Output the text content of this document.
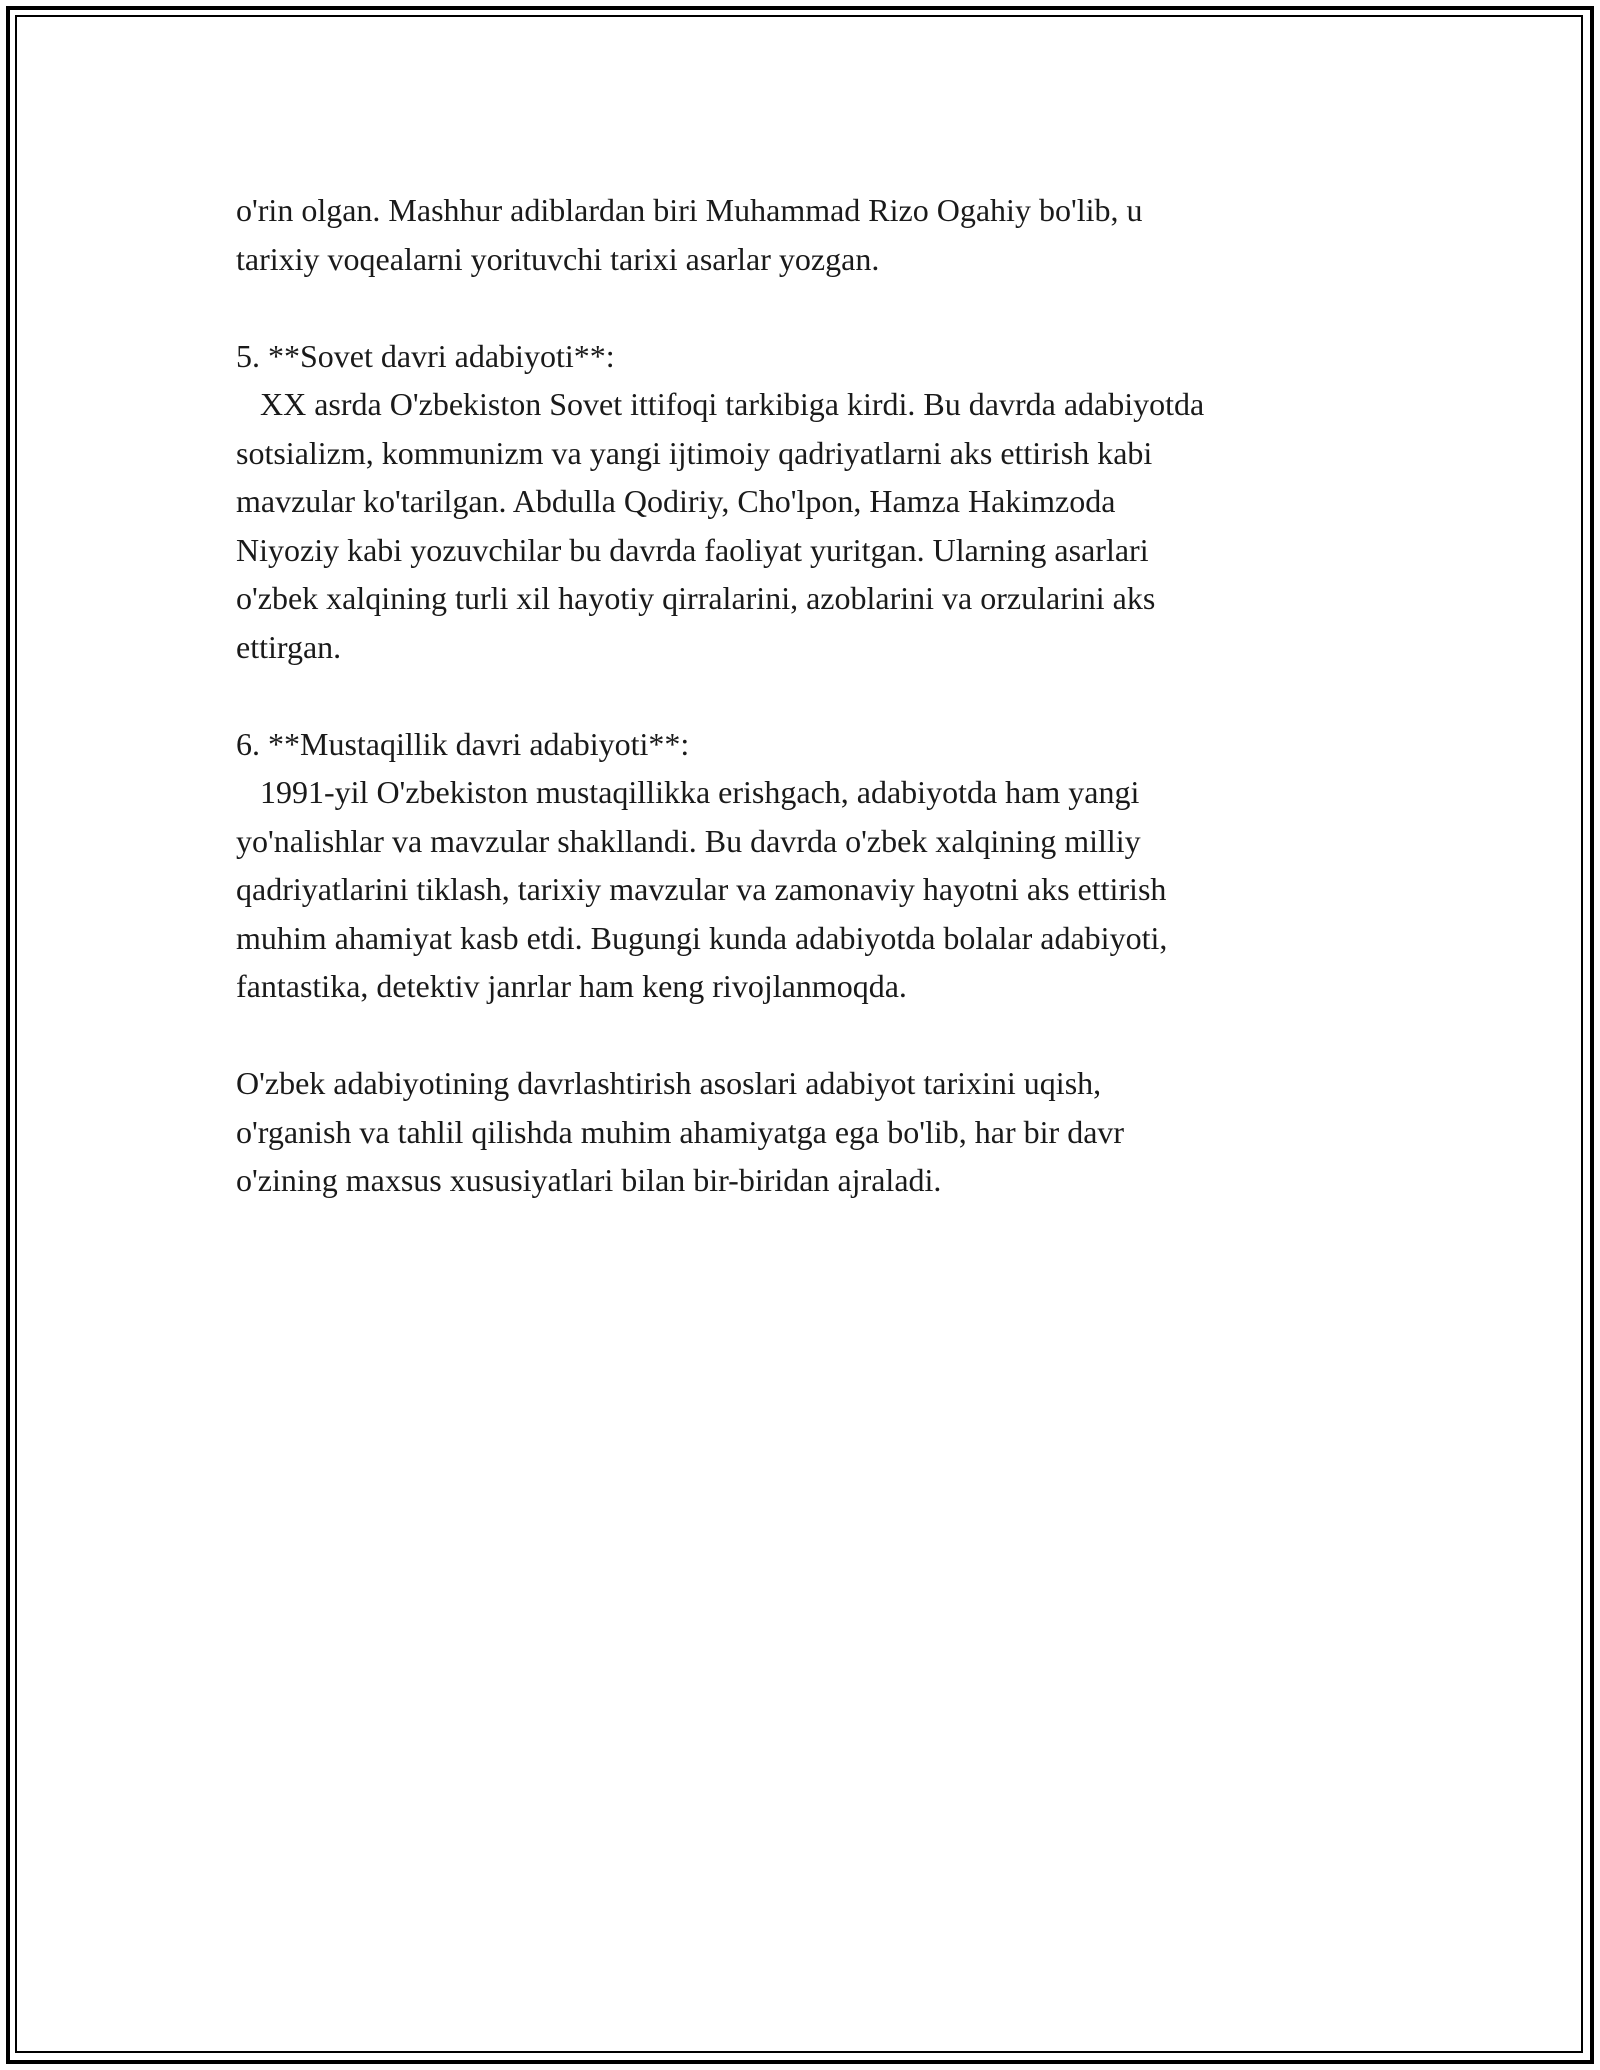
o'rin olgan. Mashhur adiblardan biri Muhammad Rizo Ogahiy bo'lib, u
tarixiy voqealarni yorituvchi tarixi asarlar yozgan.
5. **Sovet davri adabiyoti**:
XX asrda O'zbekiston Sovet ittifoqi tarkibiga kirdi. Bu davrda adabiyotda
sotsializm, kommunizm va yangi ijtimoiy qadriyatlarni aks ettirish kabi
mavzular ko'tarilgan. Abdulla Qodiriy, Cho'lpon, Hamza Hakimzoda
Niyoziy kabi yozuvchilar bu davrda faoliyat yuritgan. Ularning asarlari
o'zbek xalqining turli xil hayotiy qirralarini, azoblarini va orzularini aks
ettirgan.
6. **Mustaqillik davri adabiyoti**:
1991-yil O'zbekiston mustaqillikka erishgach, adabiyotda ham yangi
yo'nalishlar va mavzular shakllandi. Bu davrda o'zbek xalqining milliy
qadriyatlarini tiklash, tarixiy mavzular va zamonaviy hayotni aks ettirish
muhim ahamiyat kasb etdi. Bugungi kunda adabiyotda bolalar adabiyoti,
fantastika, detektiv janrlar ham keng rivojlanmoqda.
O'zbek adabiyotining davrlashtirish asoslari adabiyot tarixini uqish,
o'rganish va tahlil qilishda muhim ahamiyatga ega bo'lib, har bir davr
o'zining maxsus xususiyatlari bilan bir-biridan ajraladi.
